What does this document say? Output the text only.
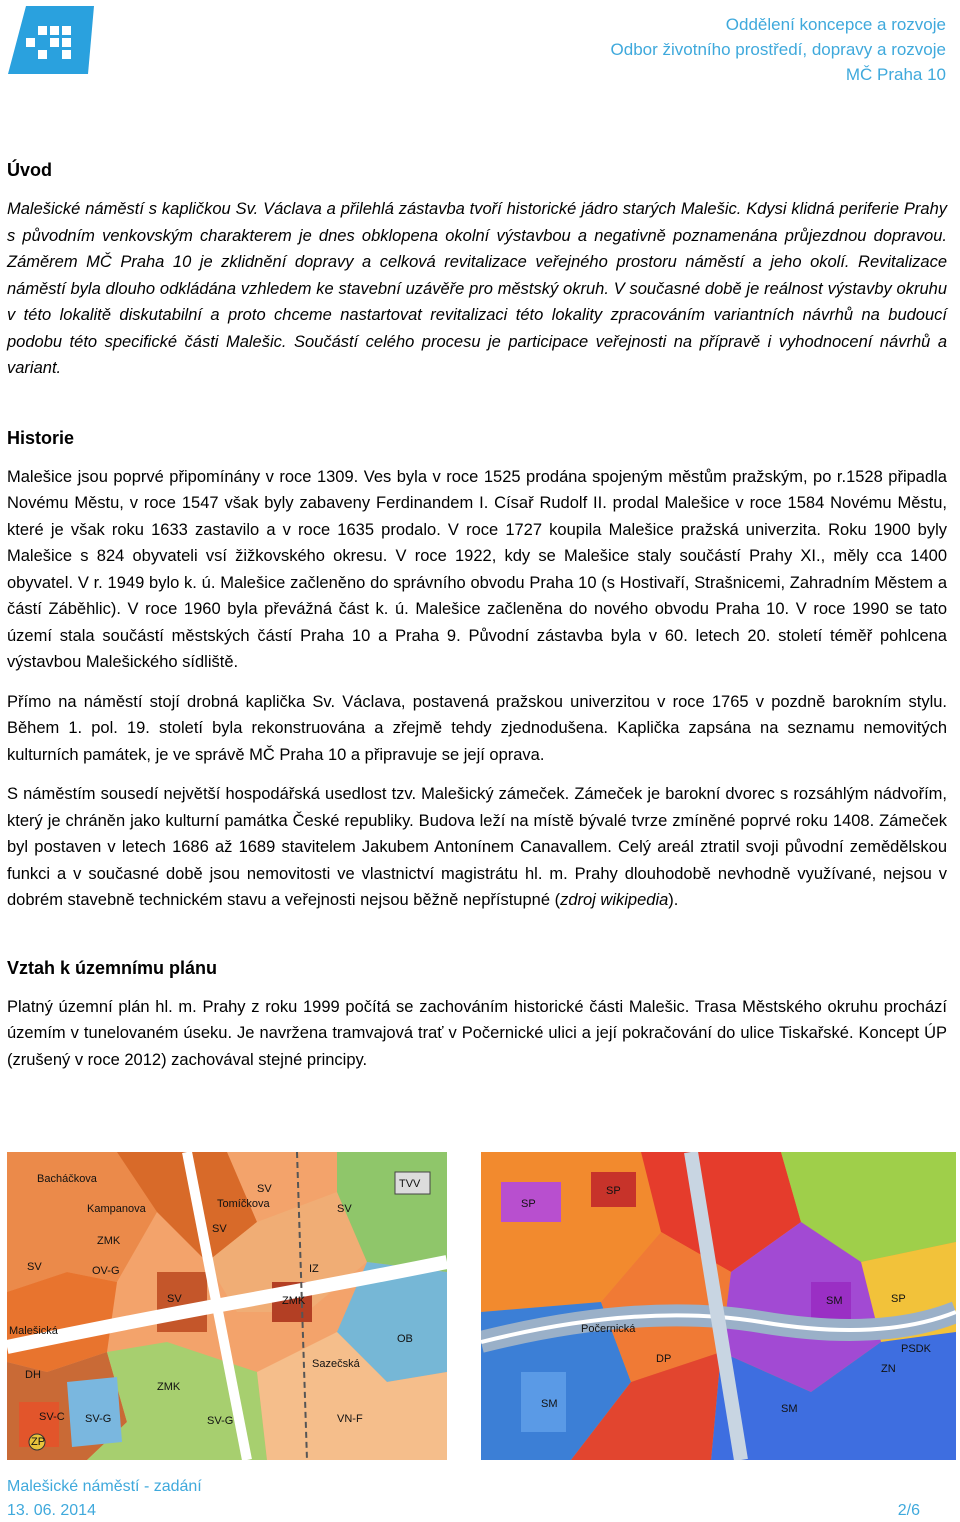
Oddělení koncepce a rozvoje
Odbor životního prostředí, dopravy a rozvoje
MČ Praha 10
Úvod

Malešické náměstí s kapličkou Sv. Václava a přilehlá zástavba tvoří historické jádro starých Malešic. Kdysi klidná periferie Prahy s původním venkovským charakterem je dnes obklopena okolní výstavbou a negativně poznamenána průjezdnou dopravou. Záměrem MČ Praha 10 je zklidnění dopravy a celková revitalizace veřejného prostoru náměstí a jeho okolí. Revitalizace náměstí byla dlouho odkládána vzhledem ke stavební uzávěře pro městský okruh. V současné době je reálnost výstavby okruhu v této lokalitě diskutabilní a proto chceme nastartovat revitalizaci této lokality zpracováním variantních návrhů na budoucí podobu této specifické části Malešic. Součástí celého procesu je participace veřejnosti na přípravě i vyhodnocení návrhů a variant.

Historie

Malešice jsou poprvé připomínány v roce 1309. Ves byla v roce 1525 prodána spojeným městům pražským, po r.1528 připadla Novému Městu, v roce 1547 však byly zabaveny Ferdinandem I. Císař Rudolf II. prodal Malešice v roce 1584 Novému Městu, které je však roku 1633 zastavilo a v roce 1635 prodalo. V roce 1727 koupila Malešice pražská univerzita. Roku 1900 byly Malešice s 824 obyvateli vsí žižkovského okresu. V roce 1922, kdy se Malešice staly součástí Prahy XI., měly cca 1400 obyvatel. V r. 1949 bylo k. ú. Malešice začleněno do správního obvodu Praha 10 (s Hostivaří, Strašnicemi, Zahradním Městem a částí Záběhlic). V roce 1960 byla převážná část k. ú. Malešice začleněna do nového obvodu Praha 10. V roce 1990 se tato území stala součástí městských částí Praha 10 a Praha 9. Původní zástavba byla v 60. letech 20. století téměř pohlcena výstavbou Malešického sídliště.

Přímo na náměstí stojí drobná kaplička Sv. Václava, postavená pražskou univerzitou v roce 1765 v pozdně barokním stylu. Během 1. pol. 19. století byla rekonstruována a zřejmě tehdy zjednodušena. Kaplička zapsána na seznamu nemovitých kulturních památek, je ve správě MČ Praha 10 a připravuje se její oprava.

S náměstím sousedí největší hospodářská usedlost tzv. Malešický zámeček. Zámeček je barokní dvorec s rozsáhlým nádvořím, který je chráněn jako kulturní památka České republiky. Budova leží na místě bývalé tvrze zmíněné poprvé roku 1408. Zámeček byl postaven v letech 1686 až 1689 stavitelem Jakubem Antonínem Canavallem. Celý areál ztratil svoji původní zemědělskou funkci a v současné době jsou nemovitosti ve vlastnictví magistrátu hl. m. Prahy dlouhodobě nevhodně využívané, nejsou v dobrém stavebně technickém stavu a veřejnosti nejsou běžně nepřístupné (zdroj wikipedia).

Vztah k územnímu plánu

Platný územní plán hl. m. Prahy z roku 1999 počítá se zachováním historické části Malešic. Trasa Městského okruhu prochází územím v tunelovaném úseku. Je navržena tramvajová trať v Počernické ulici a její pokračování do ulice Tiskařské. Koncept ÚP (zrušený v roce 2012) zachovával stejné principy.

ZMK
SV	OV-G
SV
SV	ZMK
SV
DH
SV-G
ZMK
SV-C	SV-G	VN-F
OB
ZP
SV
IZ
TVV
Sazečská
Tomíčkova
Bacháčkova
Kampanova
Malešická
SP
SP
SM
SM
ZN
DP
SP
PSDK
SM
Počernická
Malešické náměstí - zadání
13. 06. 2014	2/6
